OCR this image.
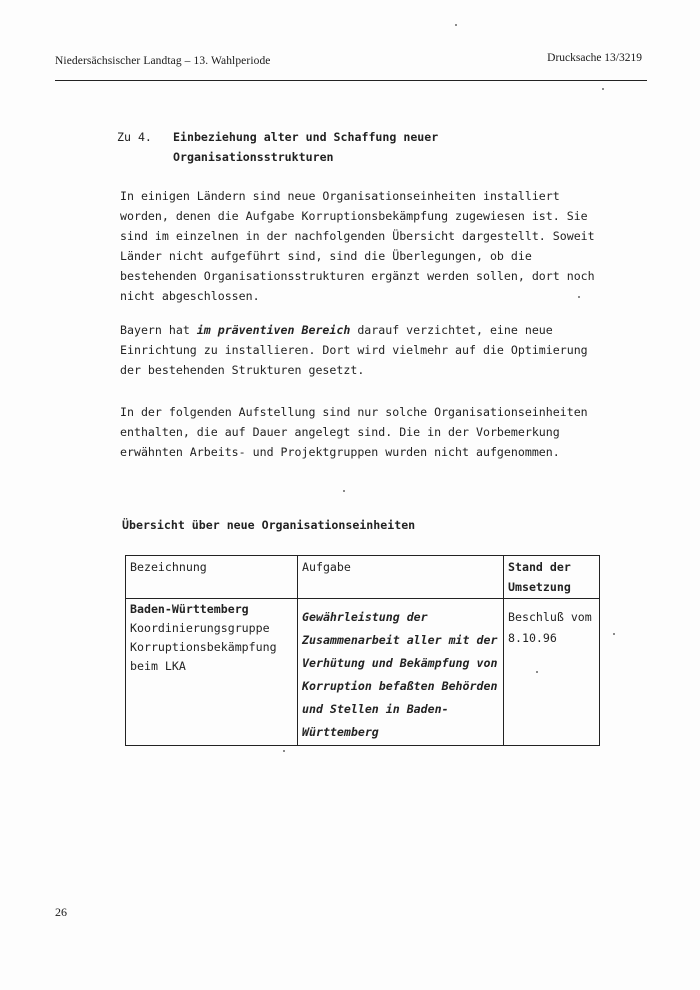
Niedersächsischer Landtag – 13. Wahlperiode	Drucksache 13/3219
Zu 4. Einbeziehung alter und Schaffung neuer Organisationsstrukturen
In einigen Ländern sind neue Organisationseinheiten installiert worden, denen die Aufgabe Korruptionsbekämpfung zugewiesen ist. Sie sind im einzelnen in der nachfolgenden Übersicht dargestellt. Soweit Länder nicht aufgeführt sind, sind die Überlegungen, ob die bestehenden Organisationsstrukturen ergänzt werden sollen, dort noch nicht abgeschlossen.
Bayern hat im präventiven Bereich darauf verzichtet, eine neue Einrichtung zu installieren. Dort wird vielmehr auf die Optimierung der bestehenden Strukturen gesetzt.
In der folgenden Aufstellung sind nur solche Organisationseinheiten enthalten, die auf Dauer angelegt sind. Die in der Vorbemerkung erwähnten Arbeits- und Projektgruppen wurden nicht aufgenommen.
Übersicht über neue Organisationseinheiten
Bezeichnung	Aufgabe	Stand der Umsetzung

Baden-Württemberg
Koordinierungsgruppe
Korruptionsbekämpfung
beim LKA	Gewährleistung der Zusammenarbeit aller mit der Verhütung und Bekämpfung von Korruption befaßten Behörden und Stellen in Baden-Württemberg	Beschluß vom 8.10.96
26
